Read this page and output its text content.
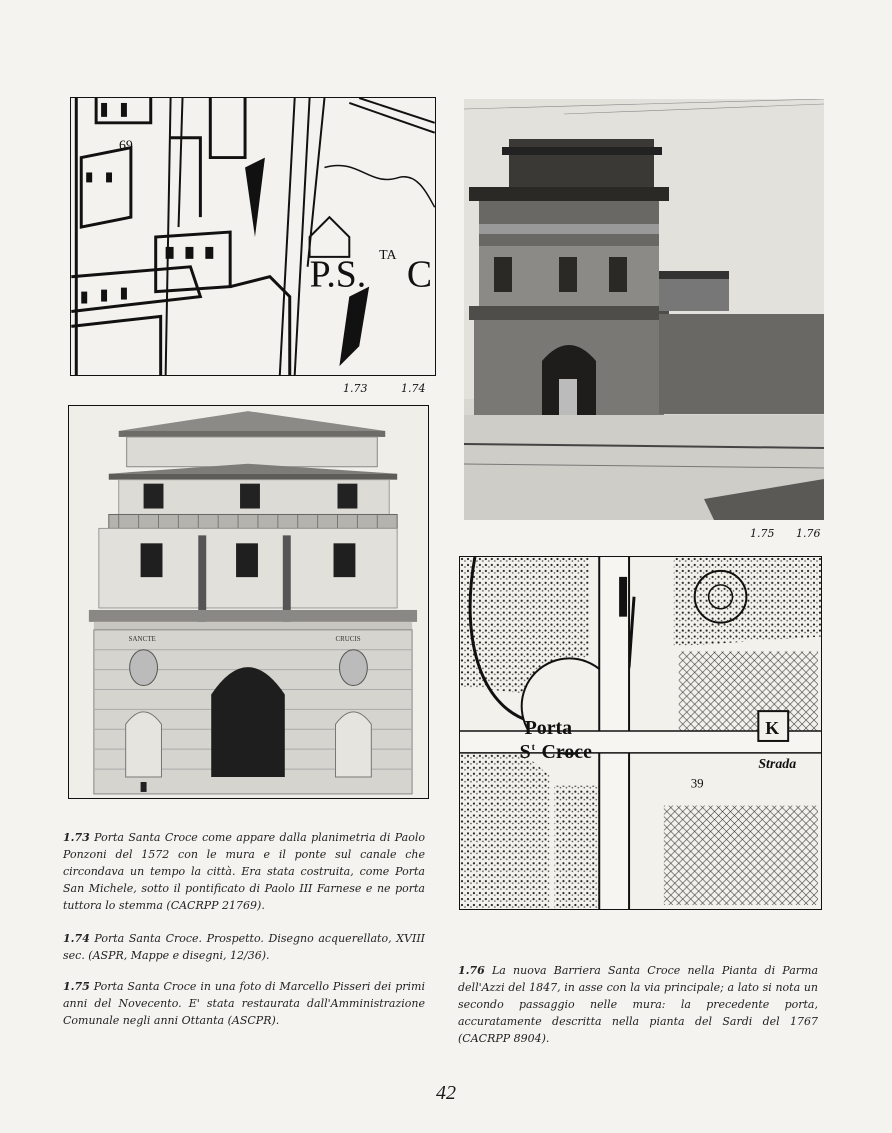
P.S. TA C
69
1.73	1.74
SANCTE	CRUCIS
1.75 1.76
K
Porta
S t Croce
Strada
39
1.73 Porta Santa Croce come appare dalla planimetria di Paolo Ponzoni del 1572 con le mura e il ponte sul canale che circondava un tempo la città. Era stata costruita, come Porta San Michele, sotto il pontificato di Paolo III Farnese e ne porta tuttora lo stemma (CACRPP 21769).
1.74 Porta Santa Croce. Prospetto. Disegno acquerellato, XVIII sec. (ASPR, Mappe e disegni, 12/36).
1.75 Porta Santa Croce in una foto di Marcello Pisseri dei primi anni del Novecento. E' stata restaurata dall'Amministrazione Comunale negli anni Ottanta (ASCPR).
1.76 La nuova Barriera Santa Croce nella Pianta di Parma dell'Azzi del 1847, in asse con la via principale; a lato si nota un secondo passaggio nelle mura: la precedente porta, accuratamente descritta nella pianta del Sardi del 1767 (CACRPP 8904).
42
